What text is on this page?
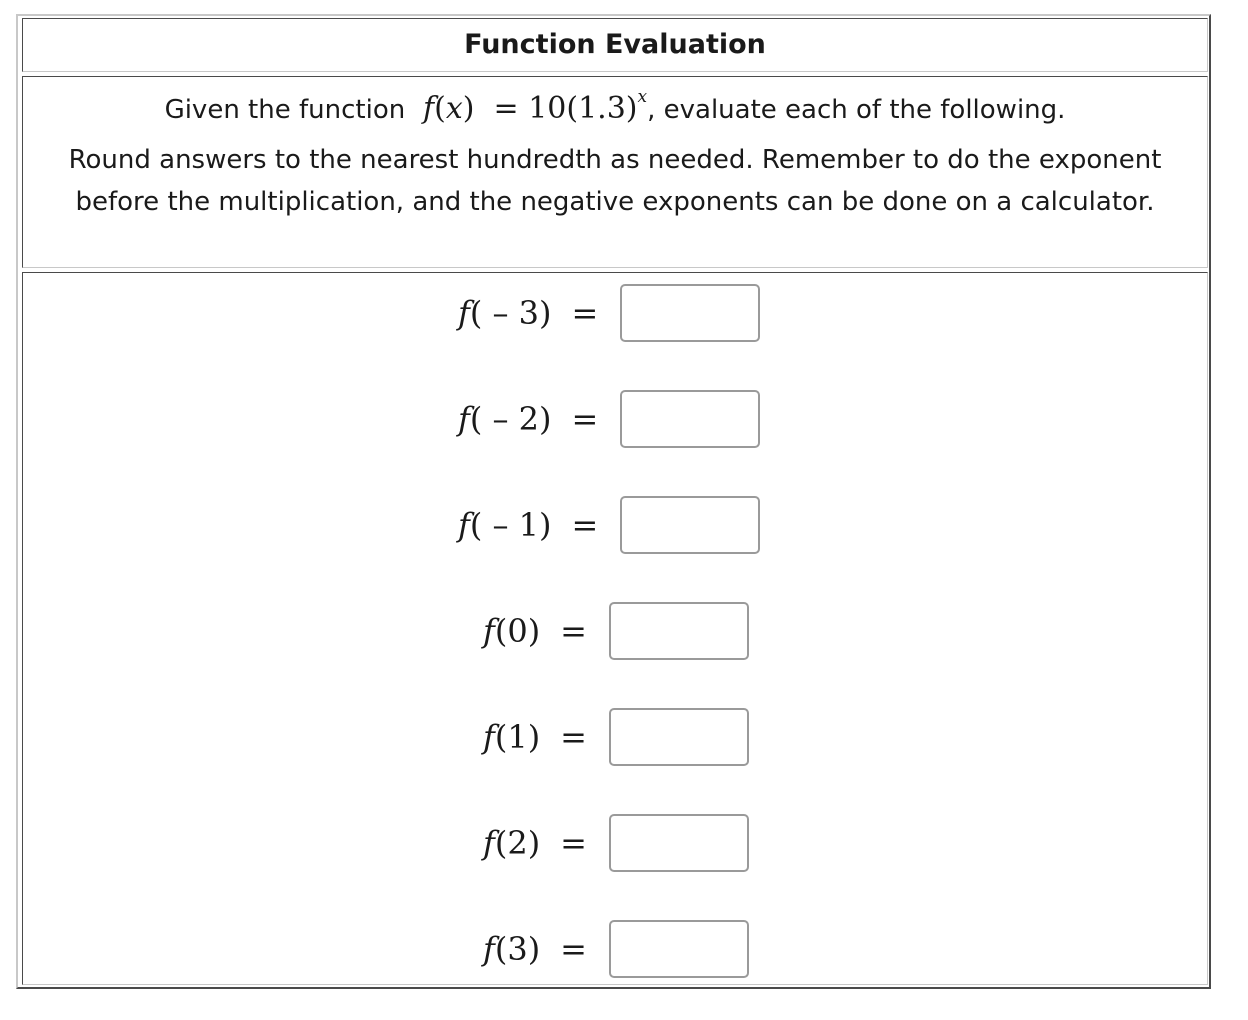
Function Evaluation
Given the function $f(x) = 10(1.3)^x$, evaluate each of the following.
Round answers to the nearest hundredth as needed. Remember to do the exponent before the multiplication, and the negative exponents can be done on a calculator.
f( – 3) =
f( – 2) =
f( – 1) =
f(0) =
f(1) =
f(2) =
f(3) =
